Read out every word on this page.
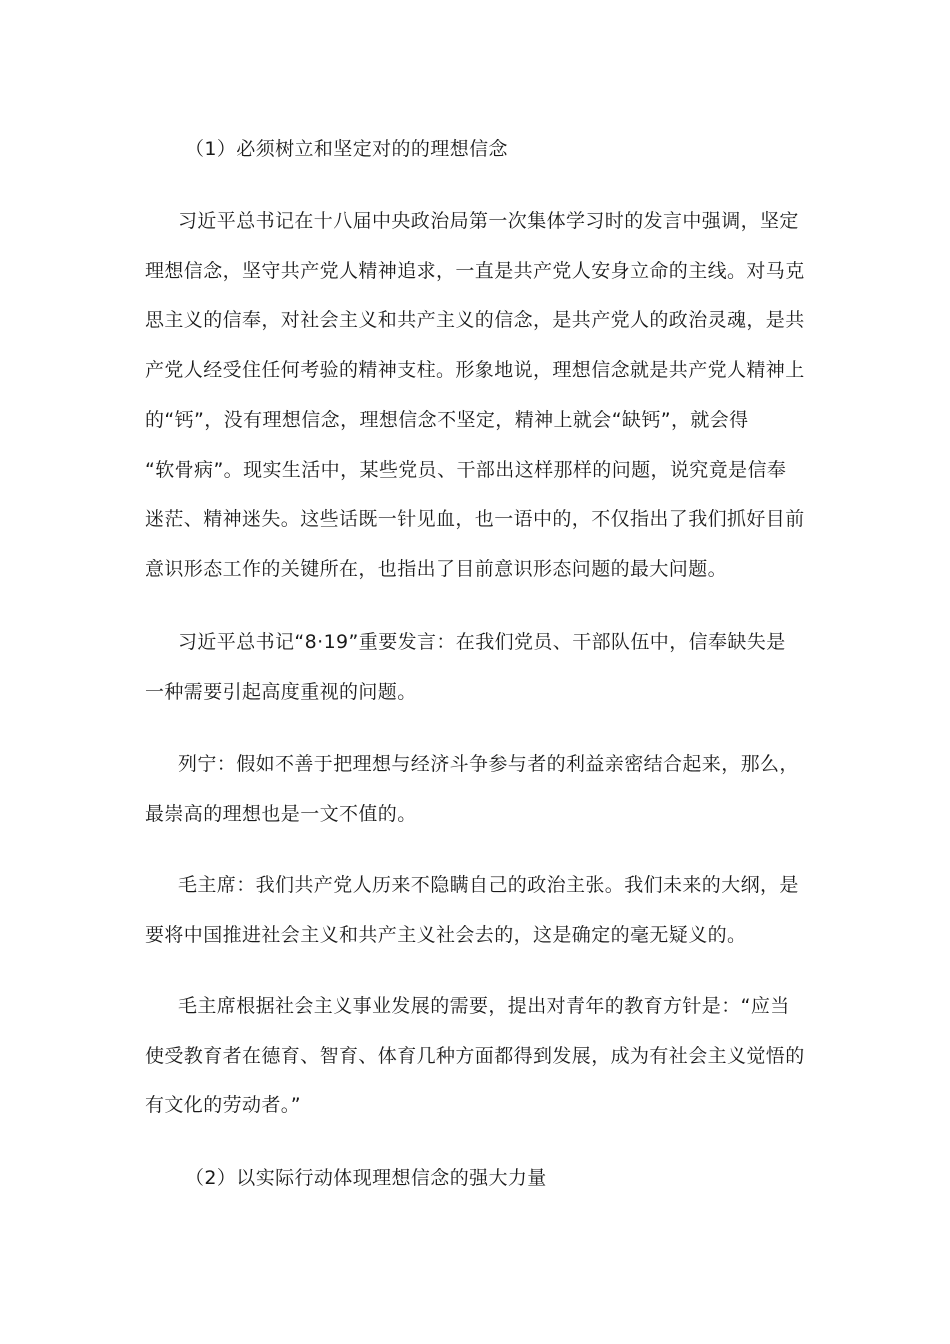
（1）必须树立和坚定对的的理想信念

习近平总书记在十八届中央政治局第一次集体学习时的发言中强调，坚定
理想信念，坚守共产党人精神追求，一直是共产党人安身立命的主线。对马克
思主义的信奉，对社会主义和共产主义的信念，是共产党人的政治灵魂，是共
产党人经受住任何考验的精神支柱。形象地说，理想信念就是共产党人精神上
的“钙”，没有理想信念，理想信念不坚定，精神上就会“缺钙”，就会得
“软骨病”。现实生活中，某些党员、干部出这样那样的问题，说究竟是信奉
迷茫、精神迷失。这些话既一针见血，也一语中的，不仅指出了我们抓好目前
意识形态工作的关键所在，也指出了目前意识形态问题的最大问题。

习近平总书记“8·19”重要发言：在我们党员、干部队伍中，信奉缺失是
一种需要引起高度重视的问题。

列宁：假如不善于把理想与经济斗争参与者的利益亲密结合起来，那么，
最崇高的理想也是一文不值的。

毛主席：我们共产党人历来不隐瞒自己的政治主张。我们未来的大纲，是
要将中国推进社会主义和共产主义社会去的，这是确定的毫无疑义的。

毛主席根据社会主义事业发展的需要，提出对青年的教育方针是：“应当
使受教育者在德育、智育、体育几种方面都得到发展，成为有社会主义觉悟的
有文化的劳动者。”

（2）以实际行动体现理想信念的强大力量
